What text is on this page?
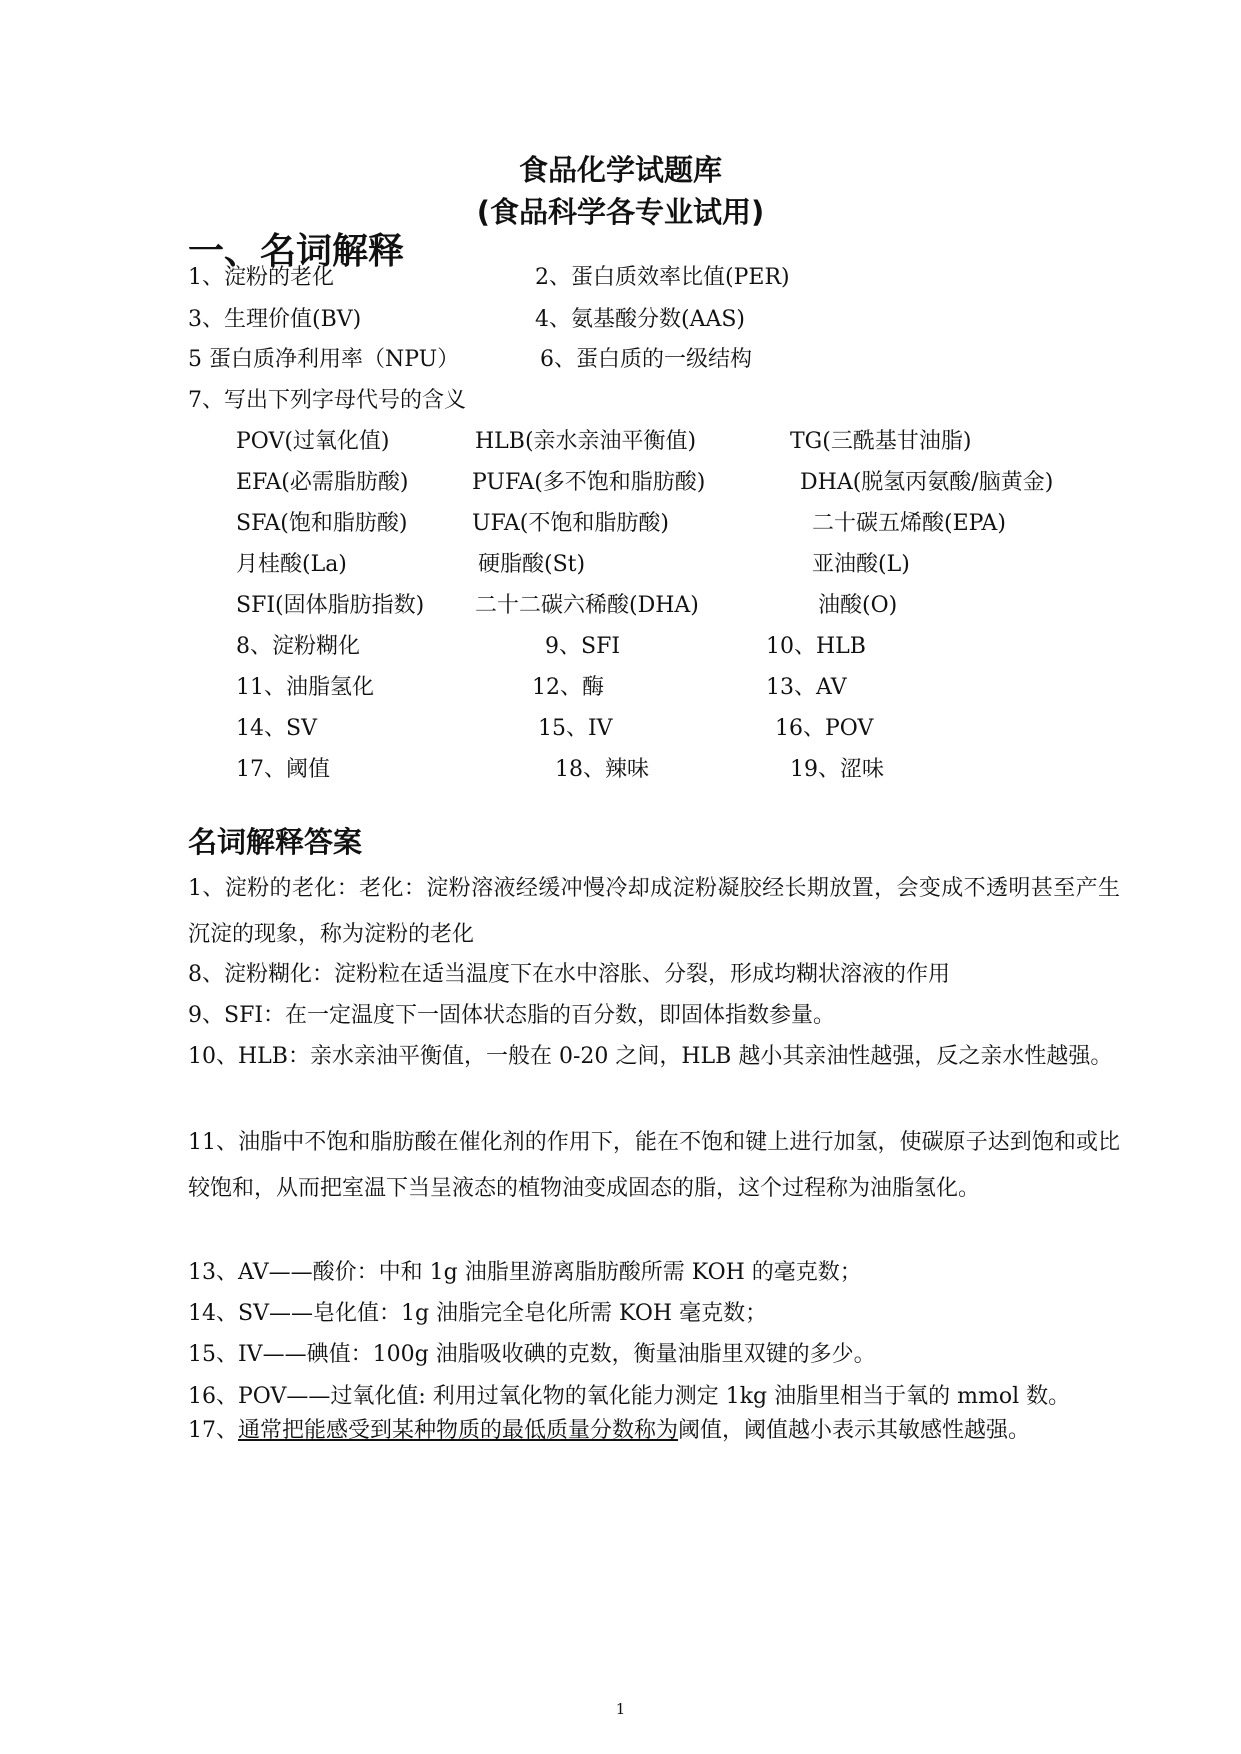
食品化学试题库
(食品科学各专业试用)
一、名词解释
1、淀粉的老化	2、蛋白质效率比值(PER)
3、生理价值(BV)	4、氨基酸分数(AAS)
5 蛋白质净利用率（NPU）	6、蛋白质的一级结构
7、写出下列字母代号的含义
POV(过氧化值)	HLB(亲水亲油平衡值)	TG(三酰基甘油脂)
EFA(必需脂肪酸)	PUFA(多不饱和脂肪酸)	DHA(脱氢丙氨酸/脑黄金)
SFA(饱和脂肪酸)	UFA(不饱和脂肪酸)	二十碳五烯酸(EPA)
月桂酸(La)	硬脂酸(St)	亚油酸(L)
SFI(固体脂肪指数) 二十二碳六稀酸(DHA)	油酸(O)
8、淀粉糊化	9、SFI	10、HLB
11、油脂氢化	12、酶	13、AV
14、SV	15、IV	16、POV
17、阈值	18、辣味	19、涩味
名词解释答案
1、淀粉的老化：老化：淀粉溶液经缓冲慢冷却成淀粉凝胶经长期放置，会变成不透明甚至产生沉淀的现象，称为淀粉的老化
8、淀粉糊化：淀粉粒在适当温度下在水中溶胀、分裂，形成均糊状溶液的作用
9、SFI：在一定温度下一固体状态脂的百分数，即固体指数参量。
10、HLB：亲水亲油平衡值，一般在 0-20 之间，HLB 越小其亲油性越强，反之亲水性越强。
11、油脂中不饱和脂肪酸在催化剂的作用下，能在不饱和键上进行加氢，使碳原子达到饱和或比较饱和，从而把室温下当呈液态的植物油变成固态的脂，这个过程称为油脂氢化。
13、AV——酸价：中和 1g 油脂里游离脂肪酸所需 KOH 的毫克数；
14、SV——皂化值：1g 油脂完全皂化所需 KOH 毫克数；
15、IV——碘值：100g 油脂吸收碘的克数，衡量油脂里双键的多少。
16、POV——过氧化值: 利用过氧化物的氧化能力测定 1kg 油脂里相当于氧的 mmol 数。
17、通常把能感受到某种物质的最低质量分数称为阈值，阈值越小表示其敏感性越强。
1
